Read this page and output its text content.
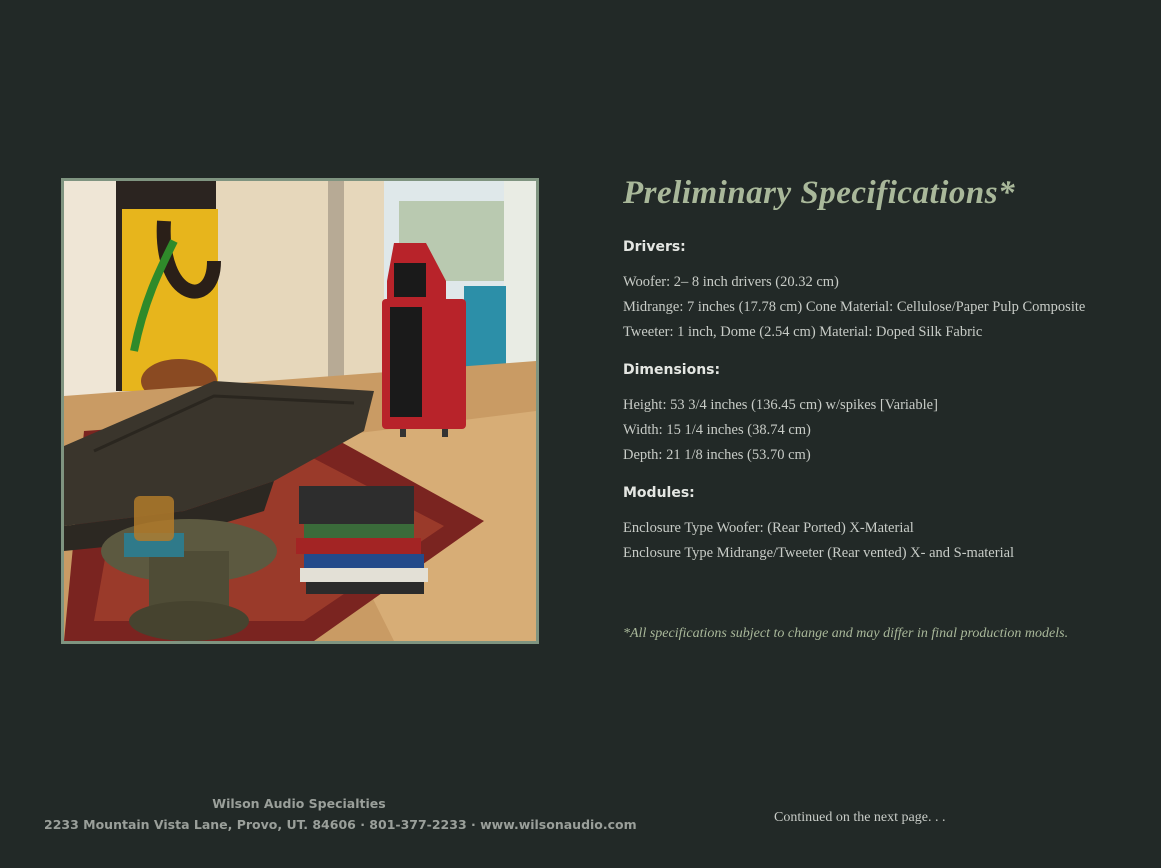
Preliminary Specifications*
Drivers:

Woofer: 2– 8 inch drivers (20.32 cm)

Midrange: 7 inches (17.78 cm) Cone Material: Cellulose/Paper Pulp Composite

Tweeter: 1 inch, Dome (2.54 cm) Material: Doped Silk Fabric

Dimensions:

Height: 53 3/4 inches (136.45 cm) w/spikes [Variable]

Width: 15 1/4 inches (38.74 cm)

Depth: 21 1/8 inches (53.70 cm)

Modules:

Enclosure Type Woofer: (Rear Ported) X-Material

Enclosure Type Midrange/Tweeter (Rear vented) X- and S-material

*All specifications subject to change and may differ in final production models.
Wilson Audio Specialties
2233 Mountain Vista Lane, Provo, UT. 84606 · 801-377-2233 · www.wilsonaudio.com	Continued on the next page. . .
